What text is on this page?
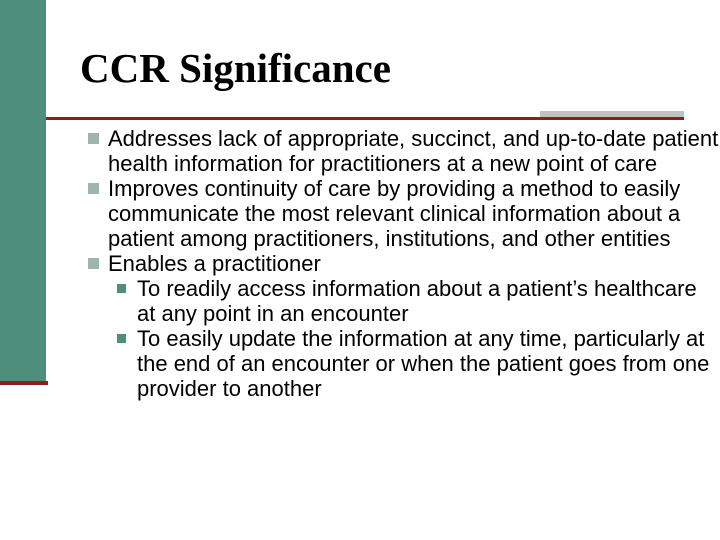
CCR Significance

Addresses lack of appropriate, succinct, and up-to-date patient health information for practitioners at a new point of care

Improves continuity of care by providing a method to easily communicate the most relevant clinical information about a patient among practitioners, institutions, and other entities

Enables a practitioner

To readily access information about a patient’s healthcare at any point in an encounter

To easily update the information at any time, particularly at the end of an encounter or when the patient goes from one provider to another
